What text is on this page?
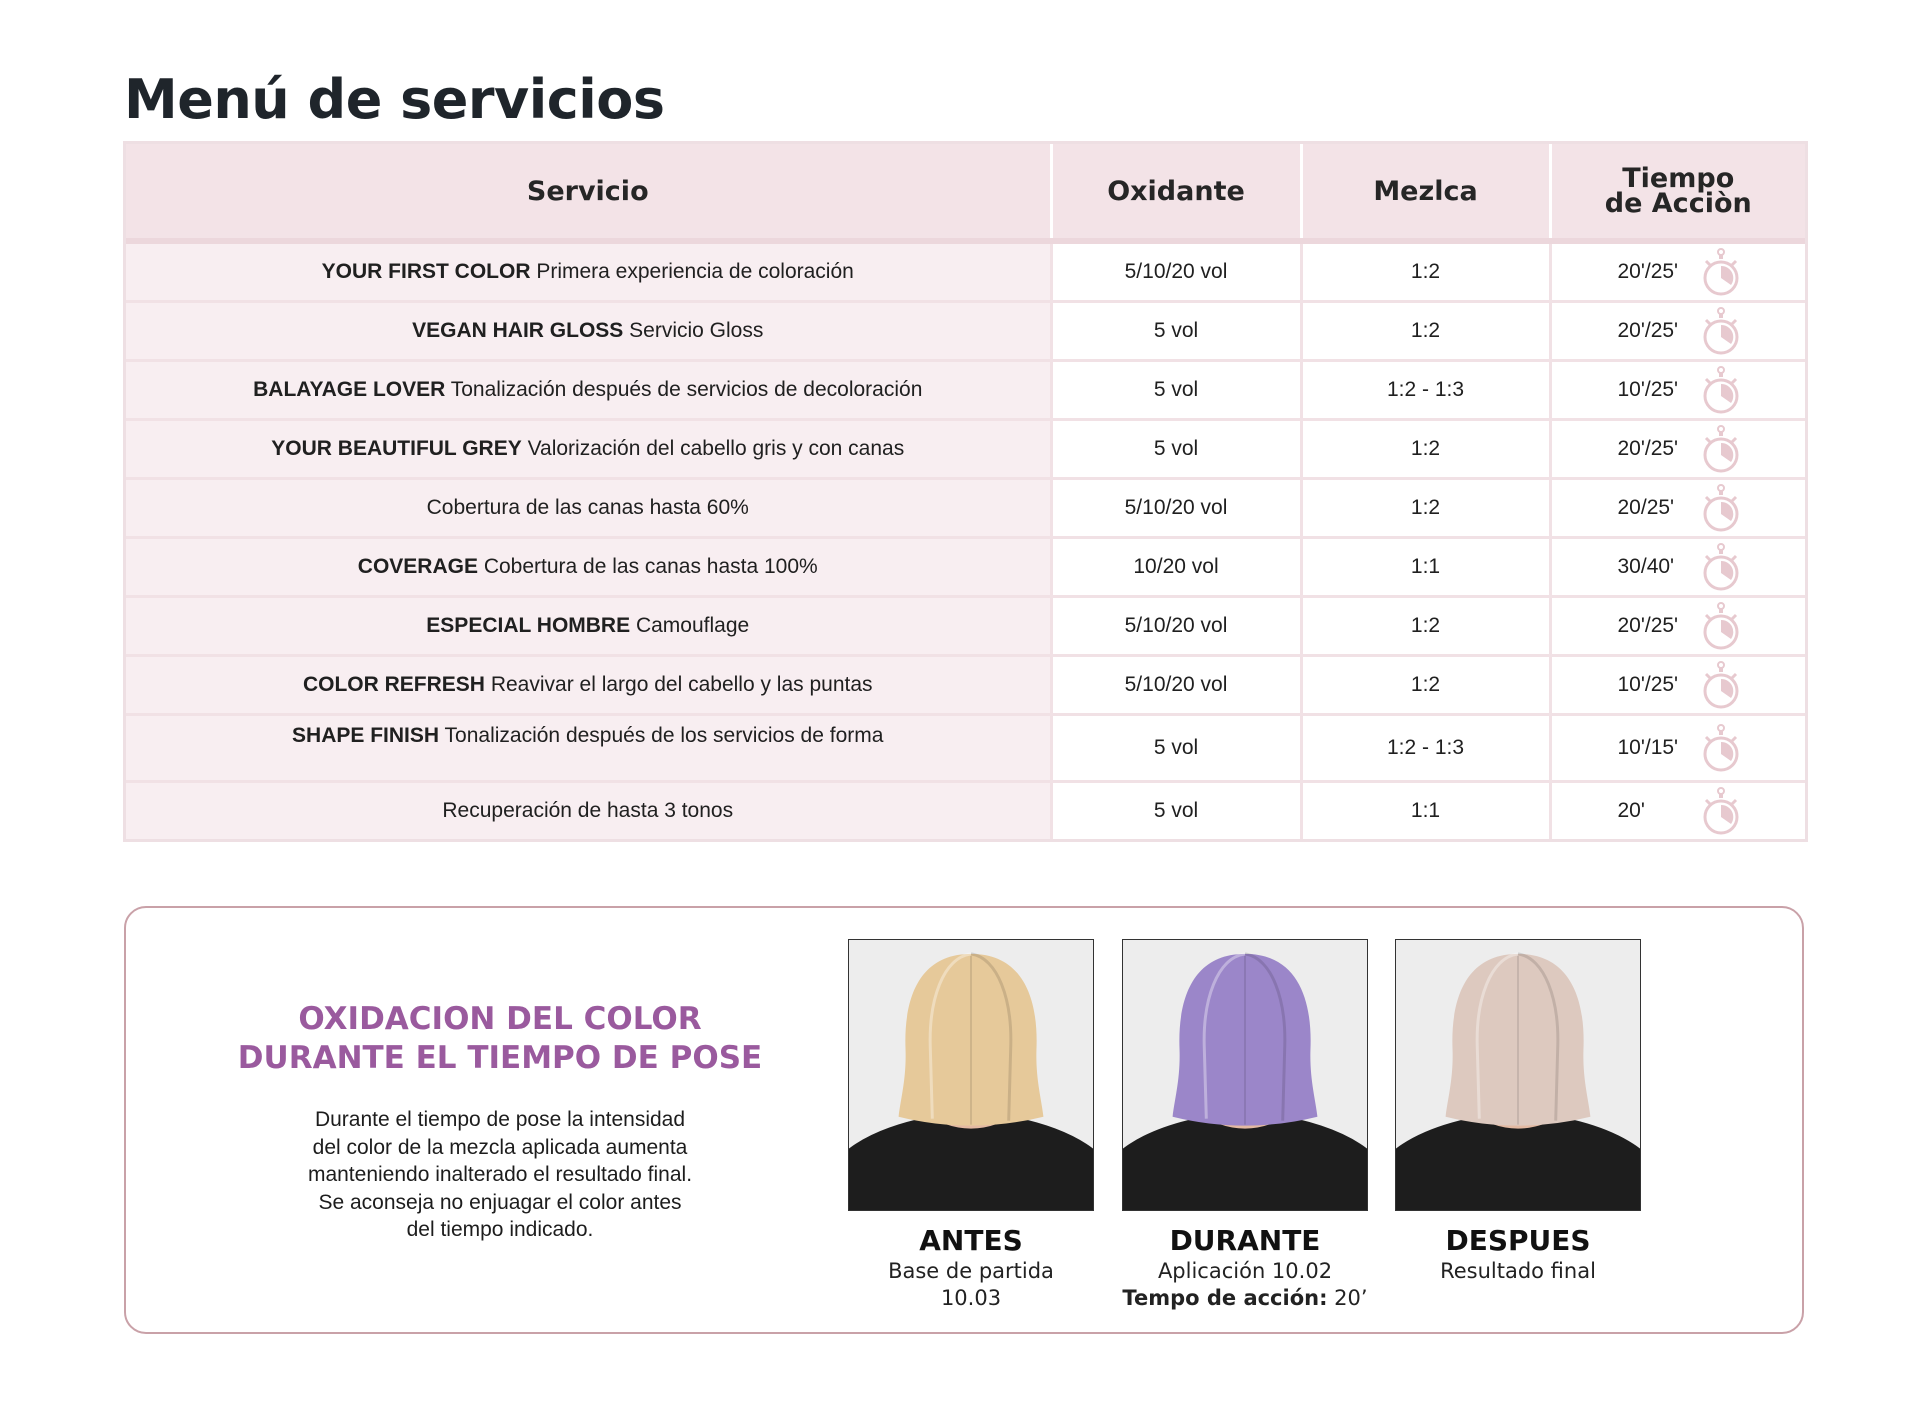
Menú de servicios
Servicio	Oxidante	Mezlca	Tiempo
de Acciòn
YOUR FIRST COLOR Primera experiencia de coloración	5/10/20 vol	1:2	20'/25'

VEGAN HAIR GLOSS Servicio Gloss	5 vol	1:2	20'/25'

BALAYAGE LOVER Tonalización después de servicios de decoloración	5 vol	1:2 - 1:3	10'/25'

YOUR BEAUTIFUL GREY Valorización del cabello gris y con canas	5 vol	1:2	20'/25'

Cobertura de las canas hasta 60%	5/10/20 vol	1:2	20/25'

COVERAGE Cobertura de las canas hasta 100%	10/20 vol	1:1	30/40'

ESPECIAL HOMBRE Camouflage	5/10/20 vol	1:2	20'/25'

COLOR REFRESH Reavivar el largo del cabello y las puntas	5/10/20 vol	1:2	10'/25'

SHAPE FINISH Tonalización después de los servicios de forma	5 vol	1:2 - 1:3	10'/15'

Recuperación de hasta 3 tonos	5 vol	1:1	20'
OXIDACION DEL COLOR
DURANTE EL TIEMPO DE POSE
Durante el tiempo de pose la intensidad
del color de la mezcla aplicada aumenta
manteniendo inalterado el resultado final.
Se aconseja no enjuagar el color antes
del tiempo indicado.	ANTES
Base de partida
10.03
DURANTE
Aplicación 10.02
Tempo de acción: 20’
DESPUES
Resultado final
